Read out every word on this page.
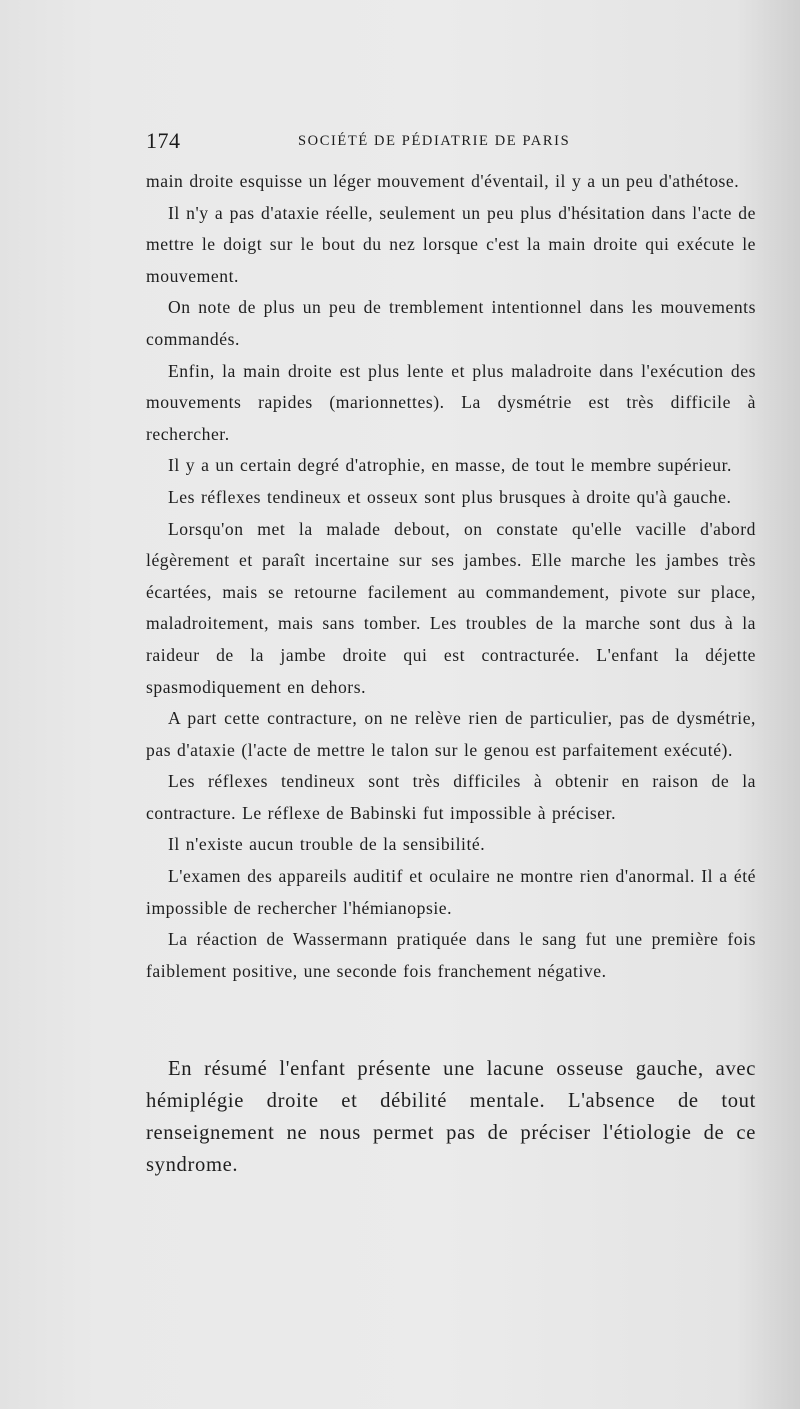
174	SOCIÉTÉ DE PÉDIATRIE DE PARIS

main droite esquisse un léger mouvement d'éventail, il y a un peu d'athétose.

Il n'y a pas d'ataxie réelle, seulement un peu plus d'hésitation dans l'acte de mettre le doigt sur le bout du nez lorsque c'est la main droite qui exécute le mouvement.

On note de plus un peu de tremblement intentionnel dans les mouvements commandés.

Enfin, la main droite est plus lente et plus maladroite dans l'exécution des mouvements rapides (marionnettes). La dysmétrie est très difficile à rechercher.

Il y a un certain degré d'atrophie, en masse, de tout le membre supérieur.

Les réflexes tendineux et osseux sont plus brusques à droite qu'à gauche.

Lorsqu'on met la malade debout, on constate qu'elle vacille d'abord légèrement et paraît incertaine sur ses jambes. Elle marche les jambes très écartées, mais se retourne facilement au commandement, pivote sur place, maladroitement, mais sans tomber. Les troubles de la marche sont dus à la raideur de la jambe droite qui est contracturée. L'enfant la déjette spasmodiquement en dehors.

A part cette contracture, on ne relève rien de particulier, pas de dysmétrie, pas d'ataxie (l'acte de mettre le talon sur le genou est parfaitement exécuté).

Les réflexes tendineux sont très difficiles à obtenir en raison de la contracture. Le réflexe de Babinski fut impossible à préciser.

Il n'existe aucun trouble de la sensibilité.

L'examen des appareils auditif et oculaire ne montre rien d'anormal. Il a été impossible de rechercher l'hémianopsie.

La réaction de Wassermann pratiquée dans le sang fut une première fois faiblement positive, une seconde fois franchement négative.

En résumé l'enfant présente une lacune osseuse gauche, avec hémiplégie droite et débilité mentale. L'absence de tout renseignement ne nous permet pas de préciser l'étiologie de ce syndrome.
